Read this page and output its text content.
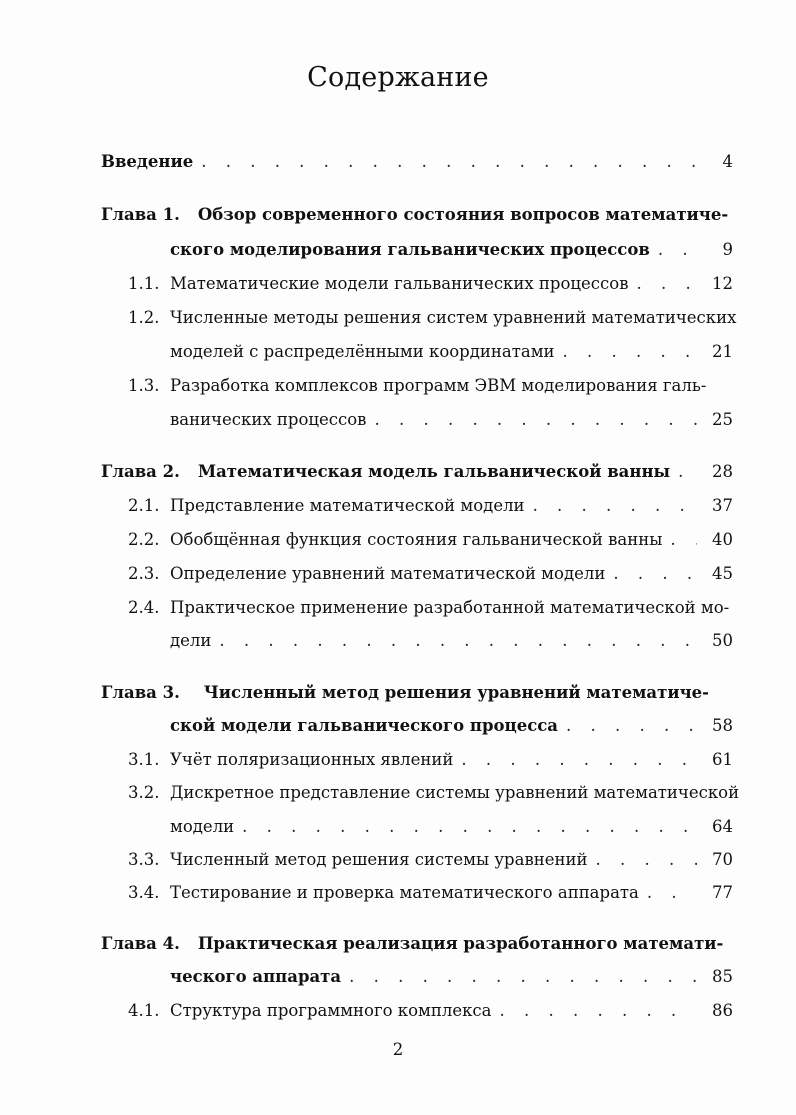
Содержание
Введение . . .	4
Глава 1. Обзор современного состояния вопросов математиче-
ского моделирования гальванических процессов . . .	9
1.1. Математические модели гальванических процессов . . .	12
1.2. Численные методы решения систем уравнений математических
моделей с распределёнными координатами . . .	21
1.3. Разработка комплексов программ ЭВМ моделирования галь-
ванических процессов . . .	25
Глава 2. Математическая модель гальванической ванны . . .	28
2.1. Представление математической модели . . .	37
2.2. Обобщённая функция состояния гальванической ванны . . .	40
2.3. Определение уравнений математической модели . . .	45
2.4. Практическое применение разработанной математической мо-
дели . . .	50
Глава 3. Численный метод решения уравнений математиче-
ской модели гальванического процесса . . .	58
3.1. Учёт поляризационных явлений . . .	61
3.2. Дискретное представление системы уравнений математической
модели . . .	64
3.3. Численный метод решения системы уравнений . . .	70
3.4. Тестирование и проверка математического аппарата . . .	77
Глава 4. Практическая реализация разработанного математи-
ческого аппарата . . .	85
4.1. Структура программного комплекса . . .	86
2
